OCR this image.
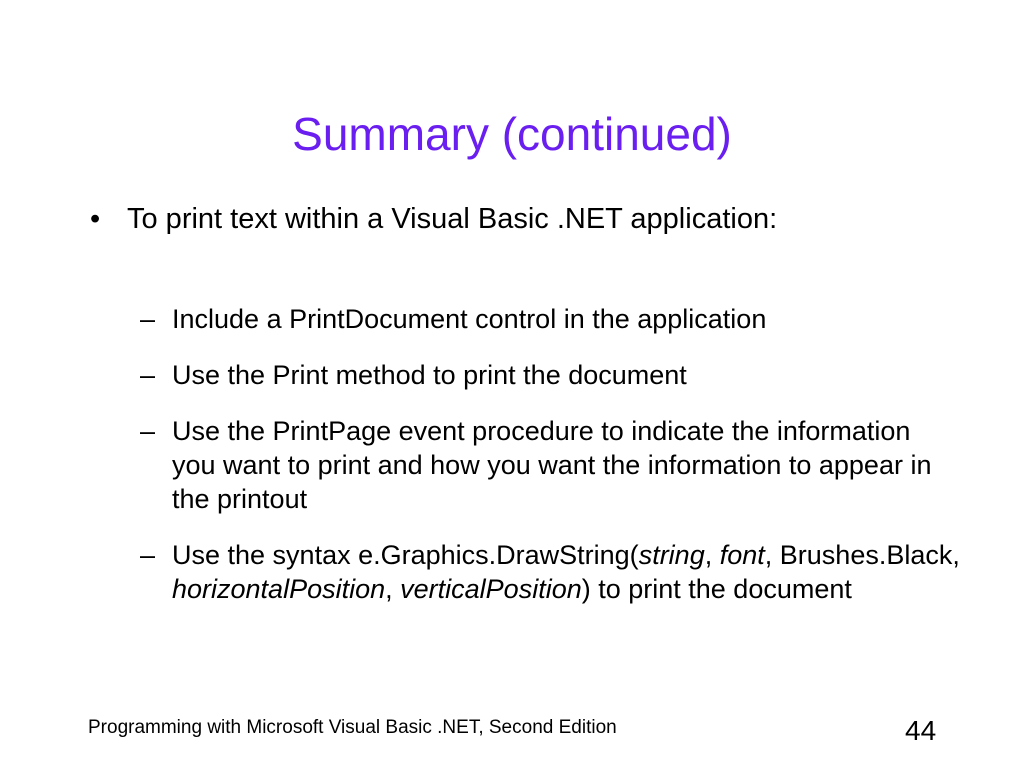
Summary (continued)
• To print text within a Visual Basic .NET application:
– Include a PrintDocument control in the application
– Use the Print method to print the document
– Use the PrintPage event procedure to indicate the information you want to print and how you want the information to appear in the printout
– Use the syntax e.Graphics.DrawString(string, font, Brushes.Black, horizontalPosition, verticalPosition) to print the document
Programming with Microsoft Visual Basic .NET, Second Edition	44
